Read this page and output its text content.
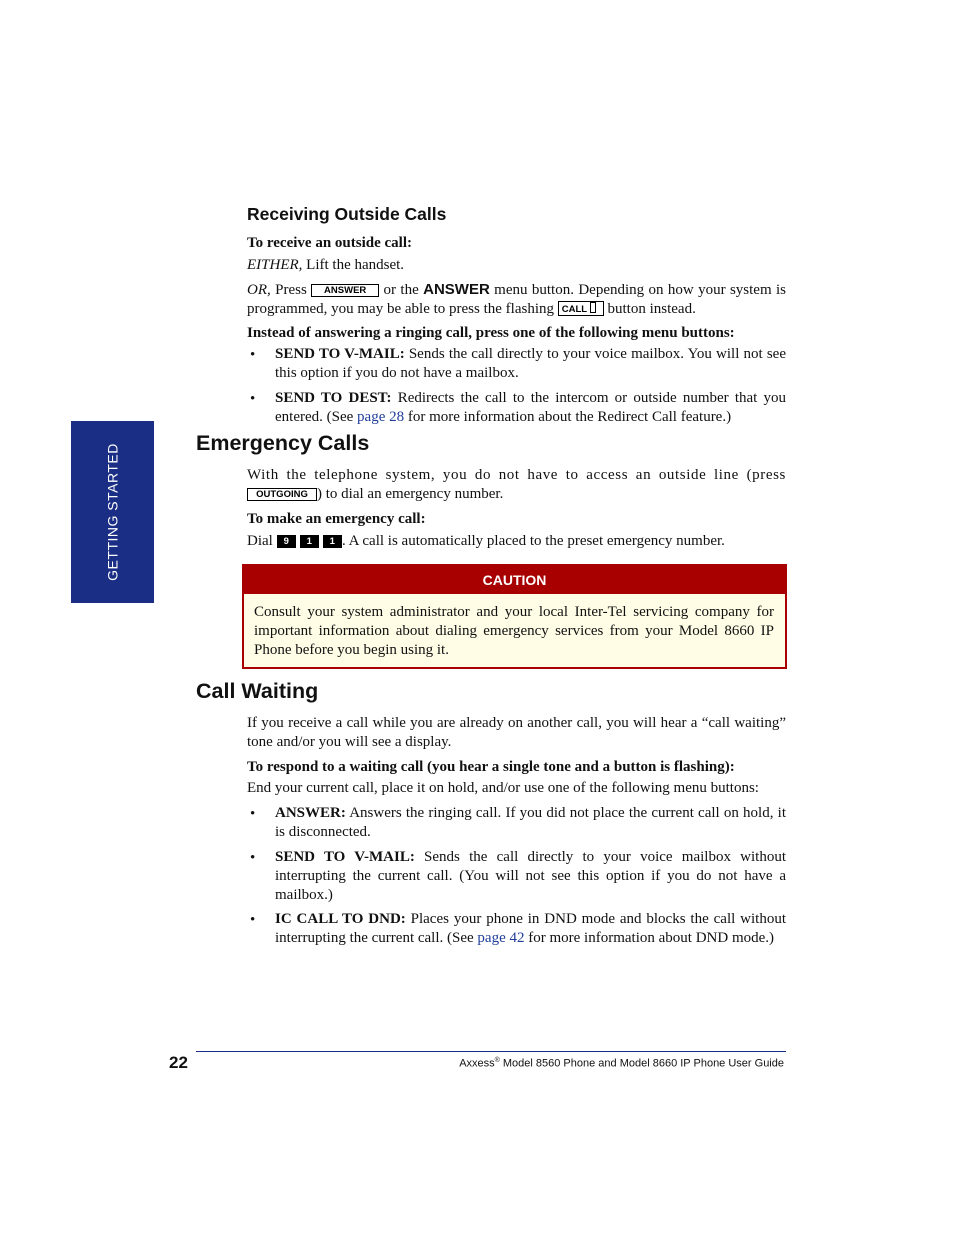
GETTING STARTED
Receiving Outside Calls
To receive an outside call:
EITHER, Lift the handset.
OR, Press ANSWER or the ANSWER menu button. Depending on how your system is programmed, you may be able to press the flashing CALL  button instead.
Instead of answering a ringing call, press one of the following menu buttons:
• SEND TO V-MAIL: Sends the call directly to your voice mailbox. You will not see this option if you do not have a mailbox.
• SEND TO DEST: Redirects the call to the intercom or outside number that you entered. (See page 28 for more information about the Redirect Call feature.)
Emergency Calls
With the telephone system, you do not have to access an outside line (press OUTGOING ) to dial an emergency number.
To make an emergency call:
Dial 9 1 1 . A call is automatically placed to the preset emergency number.
CAUTION
Consult your system administrator and your local Inter-Tel servicing company for important information about dialing emergency services from your Model 8660 IP Phone before you begin using it.
Call Waiting
If you receive a call while you are already on another call, you will hear a “call waiting” tone and/or you will see a display.
To respond to a waiting call (you hear a single tone and a button is flashing):
End your current call, place it on hold, and/or use one of the following menu buttons:
• ANSWER: Answers the ringing call. If you did not place the current call on hold, it is disconnected.
• SEND TO V-MAIL: Sends the call directly to your voice mailbox without interrupting the current call. (You will not see this option if you do not have a mailbox.)
• IC CALL TO DND: Places your phone in DND mode and blocks the call without interrupting the current call. (See page 42 for more information about DND mode.)
22	Axxess® Model 8560 Phone and Model 8660 IP Phone User Guide
